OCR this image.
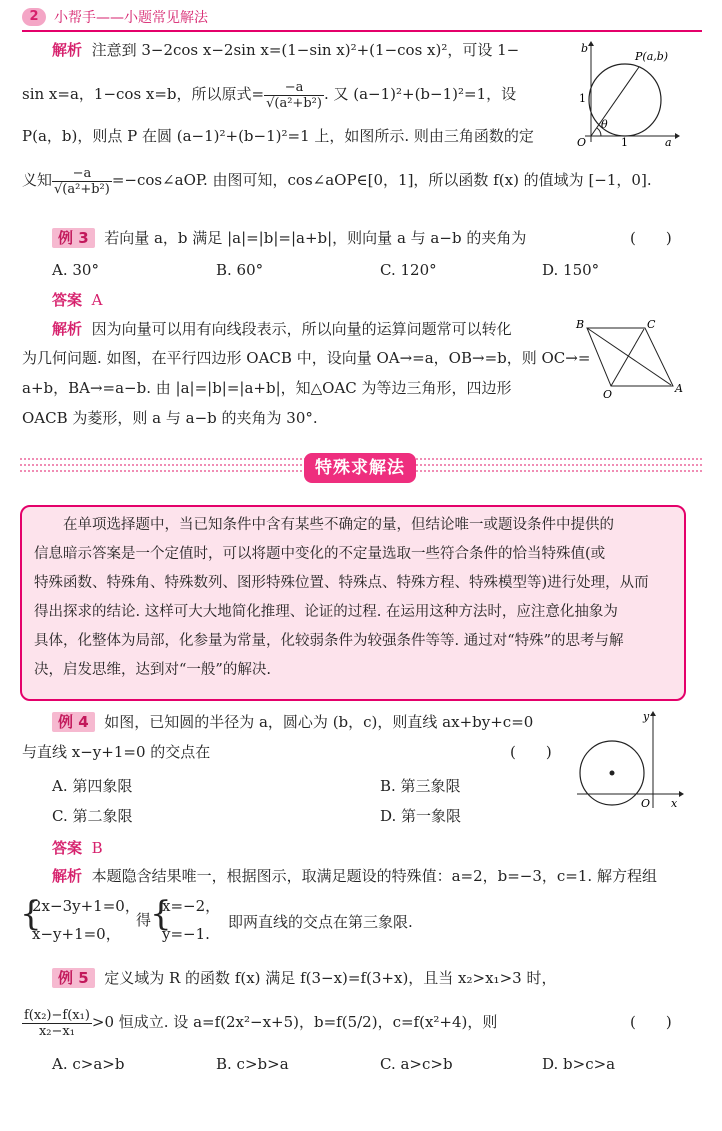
2	小帮手——小题常见解法
解析 注意到 3−2cos x−2sin x=(1−sin x)²+(1−cos x)²，可设 1−
sin x=a，1−cos x=b，所以原式= $\frac{-a}{\text{√(a²+b²)}}$ . 又 (a−1)²+(b−1)²=1，设
P(a，b)，则点 P 在圆 (a−1)²+(b−1)²=1 上，如图所示. 则由三角函数的定
义知 $\frac{-a}{\text{√(a²+b²)}}$ =−cos∠aOP. 由图可知，cos∠aOP∈[0，1]，所以函数 f(x) 的值域为 [−1，0].
b
P(a,b)
1
θ
O	1	a
例 3 若向量 a，b 满足 |a|=|b|=|a+b|，则向量 a 与 a−b 的夹角为	(　　)
A. 30°	B. 60°	C. 120°	D. 150°
答案 A
解析 因为向量可以用有向线段表示，所以向量的运算问题常可以转化
为几何问题. 如图，在平行四边形 OACB 中，设向量 OA→=a，OB→=b，则 OC→=
a+b，BA→=a−b. 由 |a|=|b|=|a+b|，知△OAC 为等边三角形，四边形
OACB 为菱形，则 a 与 a−b 的夹角为 30°.
B	C
O	A
特殊求解法

在单项选择题中，当已知条件中含有某些不确定的量，但结论唯一或题设条件中提供的

信息暗示答案是一个定值时，可以将题中变化的不定量选取一些符合条件的恰当特殊值(或

特殊函数、特殊角、特殊数列、图形特殊位置、特殊点、特殊方程、特殊模型等)进行处理，从而

得出探求的结论. 这样可大大地简化推理、论证的过程. 在运用这种方法时，应注意化抽象为

具体，化整体为局部，化参量为常量，化较弱条件为较强条件等等. 通过对“特殊”的思考与解

决，启发思维，达到对“一般”的解决.

例 4 如图，已知圆的半径为 a，圆心为 (b，c)，则直线 ax+by+c=0
与直线 x−y+1=0 的交点在	(　　)
A. 第四象限	B. 第三象限
C. 第二象限	D. 第一象限
答案 B
解析 本题隐含结果唯一，根据图示，取满足题设的特殊值：a=2，b=−3，c=1. 解方程组
{
2x−3y+1=0，
x−y+1=0，
得
{
x=−2，
y=−1.
即两直线的交点在第三象限.
y
O x
例 5 定义域为 R 的函数 f(x) 满足 f(3−x)=f(3+x)，且当 x₂>x₁>3 时，
$\frac{\text{f(x₂)−f(x₁)}}{\text{x₂−x₁}} >0$ 恒成立. 设 a=f(2x²−x+5)，b=f(5/2)，c=f(x²+4)，则	(　　)
A. c>a>b	B. c>b>a	C. a>c>b	D. b>c>a
